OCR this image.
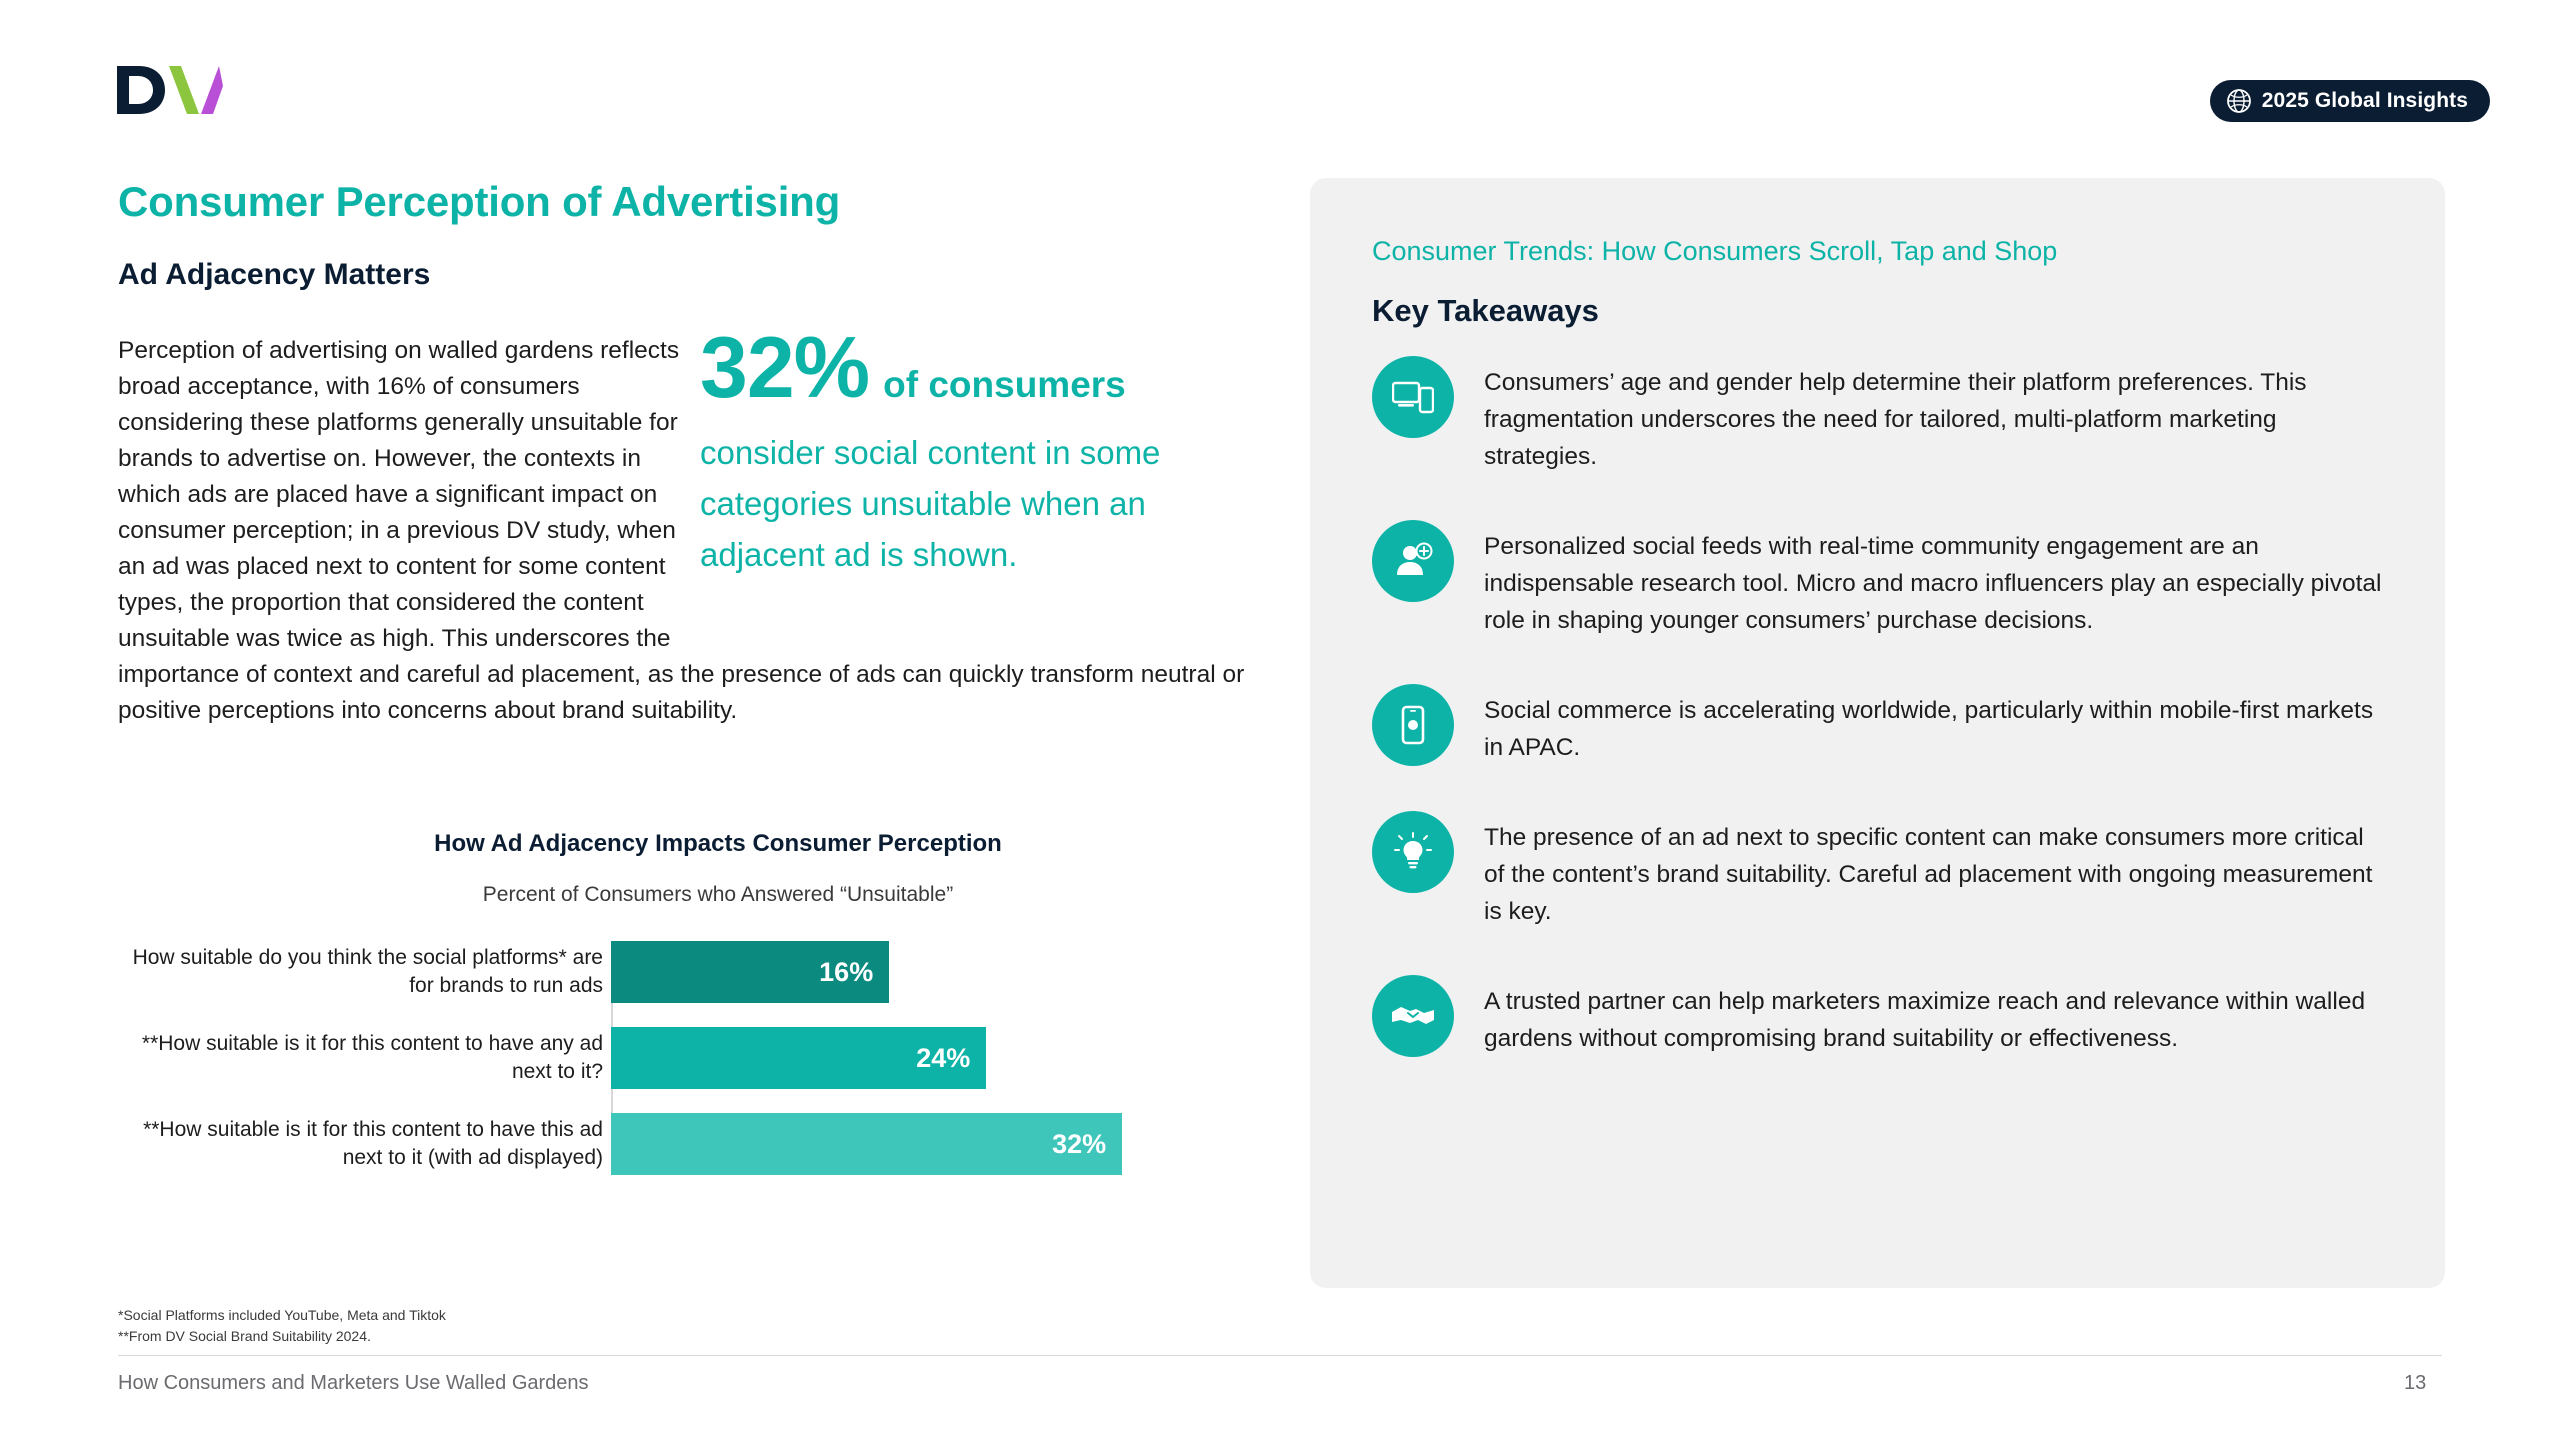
2025 Global Insights
Consumer Perception of Advertising
Ad Adjacency Matters
Perception of advertising on walled gardens reflects broad acceptance, with 16% of consumers considering these platforms generally unsuitable for brands to advertise on. However, the contexts in which ads are placed have a significant impact on consumer perception; in a previous DV study, when an ad was placed next to content for some content types, the proportion that considered the content unsuitable was twice as high. This underscores the importance of context and careful ad placement, as the presence of ads can quickly transform neutral or positive perceptions into concerns about brand suitability.
32% of consumers
consider social content in some categories unsuitable when an adjacent ad is shown.
How Ad Adjacency Impacts Consumer Perception
Percent of Consumers who Answered “Unsuitable”
How suitable do you think the social platforms* are for brands to run ads	16%
**How suitable is it for this content to have any ad next to it?	24%
**How suitable is it for this content to have this ad next to it (with ad displayed)	32%
*Social Platforms included YouTube, Meta and Tiktok
**From DV Social Brand Suitability 2024.
How Consumers and Marketers Use Walled Gardens	13
Consumer Trends: How Consumers Scroll, Tap and Shop
Key Takeaways
Consumers’ age and gender help determine their platform preferences. This fragmentation underscores the need for tailored, multi-platform marketing strategies.
Personalized social feeds with real-time community engagement are an indispensable research tool. Micro and macro influencers play an especially pivotal role in shaping younger consumers’ purchase decisions.
Social commerce is accelerating worldwide, particularly within mobile-first markets in APAC.
The presence of an ad next to specific content can make consumers more critical of the content’s brand suitability. Careful ad placement with ongoing measurement is key.
A trusted partner can help marketers maximize reach and relevance within walled gardens without compromising brand suitability or effectiveness.
